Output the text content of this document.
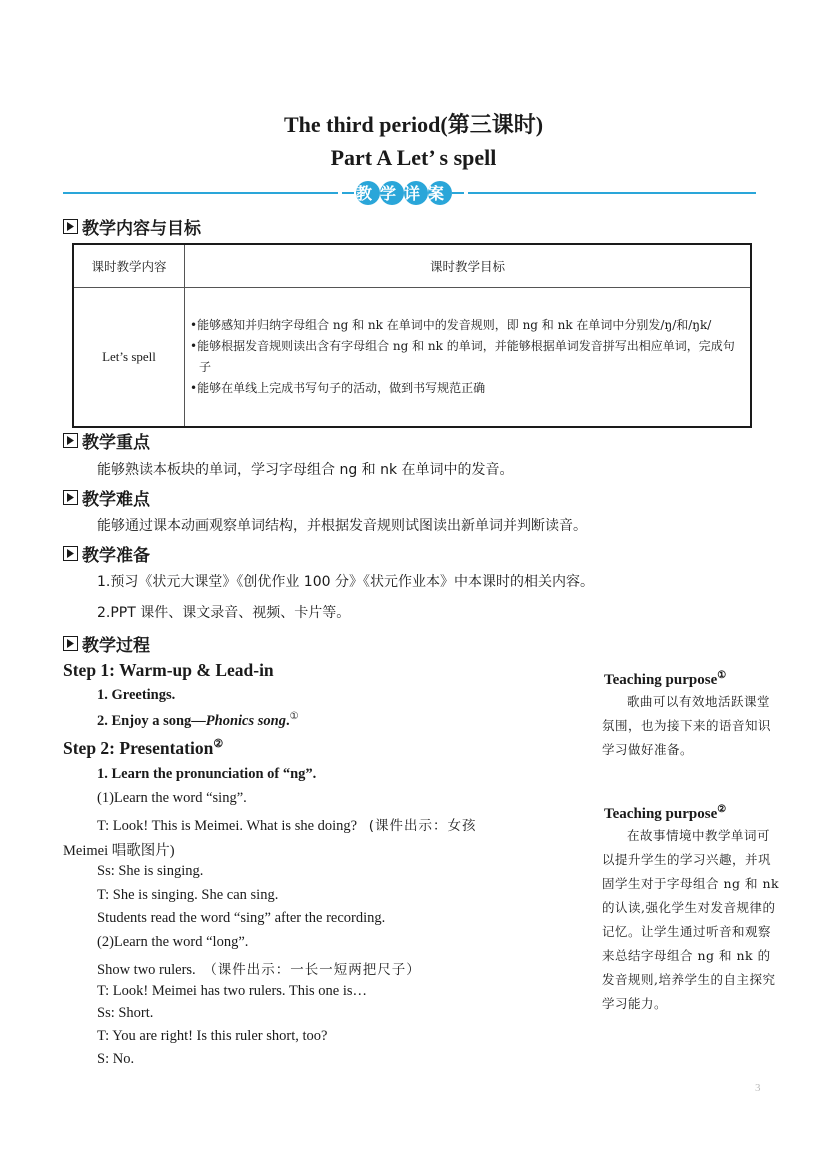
The third period(第三课时)
Part A Let’ s spell
教学详案
教学内容与目标
课时教学内容	课时教学目标
Let’s spell	•能够感知并归纳字母组合 ng 和 nk 在单词中的发音规则，即 ng 和 nk 在单词中分别发/ŋ/和/ŋk/
•能够根据发音规则读出含有字母组合 ng 和 nk 的单词，并能够根据单词发音拼写出相应单词，完成句子
•能够在单线上完成书写句子的活动，做到书写规范正确
教学重点
能够熟读本板块的单词，学习字母组合 ng 和 nk 在单词中的发音。
教学难点
能够通过课本动画观察单词结构，并根据发音规则试图读出新单词并判断读音。
教学准备
1.预习《状元大课堂》《创优作业 100 分》《状元作业本》中本课时的相关内容。
2.PPT 课件、课文录音、视频、卡片等。
教学过程
Step 1: Warm-up & Lead-in
1. Greetings.
2. Enjoy a song—Phonics song.①
Step 2: Presentation②
1. Learn the pronunciation of “ng”.
(1)Learn the word “sing”.
T: Look! This is Meimei. What is she doing? (课件出示：女孩
Meimei 唱歌图片)
Ss: She is singing.
T: She is singing. She can sing.
Students read the word “sing” after the recording.
(2)Learn the word “long”.
Show two rulers. （课件出示：一长一短两把尺子）
T: Look! Meimei has two rulers. This one is…
Ss: Short.
T: You are right! Is this ruler short, too?
S: No.
Teaching purpose①
歌曲可以有效地活跃课堂氛围，也为接下来的语音知识学习做好准备。
Teaching purpose②
在故事情境中教学单词可以提升学生的学习兴趣，并巩固学生对于字母组合 ng 和 nk 的认读,强化学生对发音规律的记忆。让学生通过听音和观察来总结字母组合 ng 和 nk 的发音规则,培养学生的自主探究学习能力。
3
